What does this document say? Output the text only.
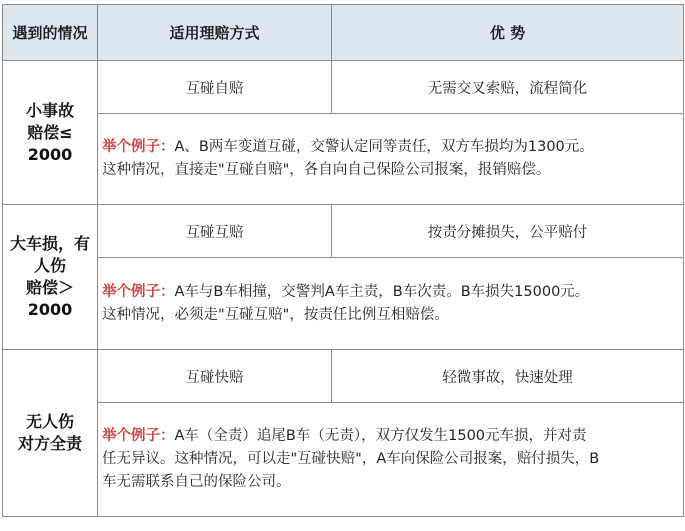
遇到的情况	适用理赔方式	优 势

小事故
赔偿≤
2000	互碰自赔	无需交叉索赔，流程简化

	举个例子：A、B两车变道互碰，交警认定同等责任，双方车损均为1300元。
这种情况，直接走"互碰自赔"，各自向自己保险公司报案，报销赔偿。	

大车损，有
人伤
赔偿＞
2000	互碰互赔	按责分摊损失，公平赔付

	举个例子：A车与B车相撞，交警判A车主责，B车次责。B车损失15000元。
这种情况，必须走"互碰互赔"，按责任比例互相赔偿。	

无人伤
对方全责	互碰快赔	轻微事故，快速处理

	举个例子：A车（全责）追尾B车（无责），双方仅发生1500元车损，并对责
任无异议。这种情况，可以走"互碰快赔"，A车向保险公司报案，赔付损失，B
车无需联系自己的保险公司。	
